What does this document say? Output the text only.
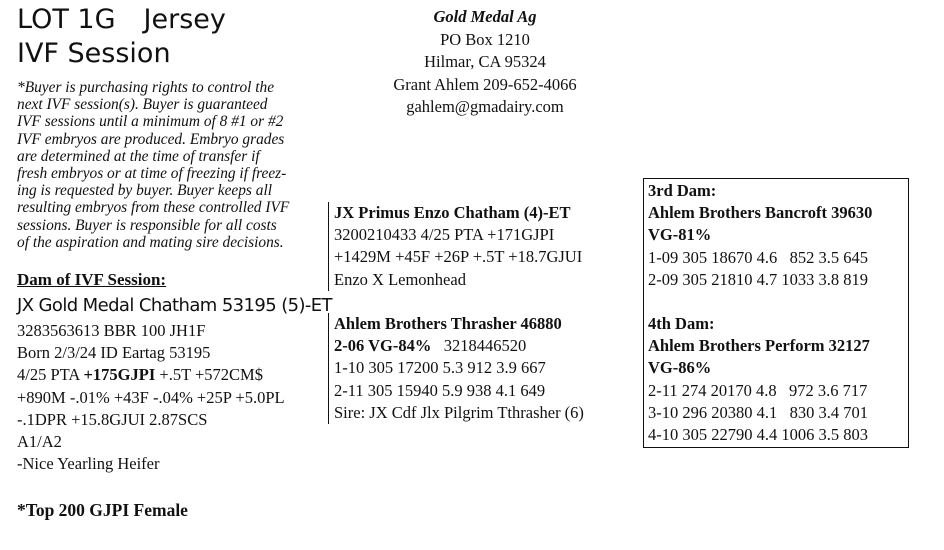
LOT 1G Jersey
IVF Session
*Buyer is purchasing rights to control the
next IVF session(s). Buyer is guaranteed
IVF sessions until a minimum of 8 #1 or #2
IVF embryos are produced. Embryo grades
are determined at the time of transfer if
fresh embryos or at time of freezing if freez-
ing is requested by buyer. Buyer keeps all
resulting embryos from these controlled IVF
sessions. Buyer is responsible for all costs
of the aspiration and mating sire decisions.
Gold Medal Ag
PO Box 1210
Hilmar, CA 95324
Grant Ahlem 209-652-4066
gahlem@gmadairy.com
Dam of IVF Session:
JX Gold Medal Chatham 53195 (5)-ET
3283563613 BBR 100 JH1F
Born 2/3/24 ID Eartag 53195
4/25 PTA +175GJPI +.5T +572CM$
+890M -.01% +43F -.04% +25P +5.0PL
-.1DPR +15.8GJUI 2.87SCS
A1/A2
-Nice Yearling Heifer
*Top 200 GJPI Female
JX Primus Enzo Chatham (4)-ET
3200210433 4/25 PTA +171GJPI
+1429M +45F +26P +.5T +18.7GJUI
Enzo X Lemonhead
Ahlem Brothers Thrasher 46880
2-06 VG-84%   3218446520
1-10 305 17200 5.3 912 3.9 667
2-11 305 15940 5.9 938 4.1 649
Sire: JX Cdf Jlx Pilgrim Tthrasher (6)
3rd Dam:
Ahlem Brothers Bancroft 39630
VG-81%
1-09 305 18670 4.6   852 3.5 645
2-09 305 21810 4.7 1033 3.8 819
4th Dam:
Ahlem Brothers Perform 32127
VG-86%
2-11 274 20170 4.8   972 3.6 717
3-10 296 20380 4.1   830 3.4 701
4-10 305 22790 4.4 1006 3.5 803
